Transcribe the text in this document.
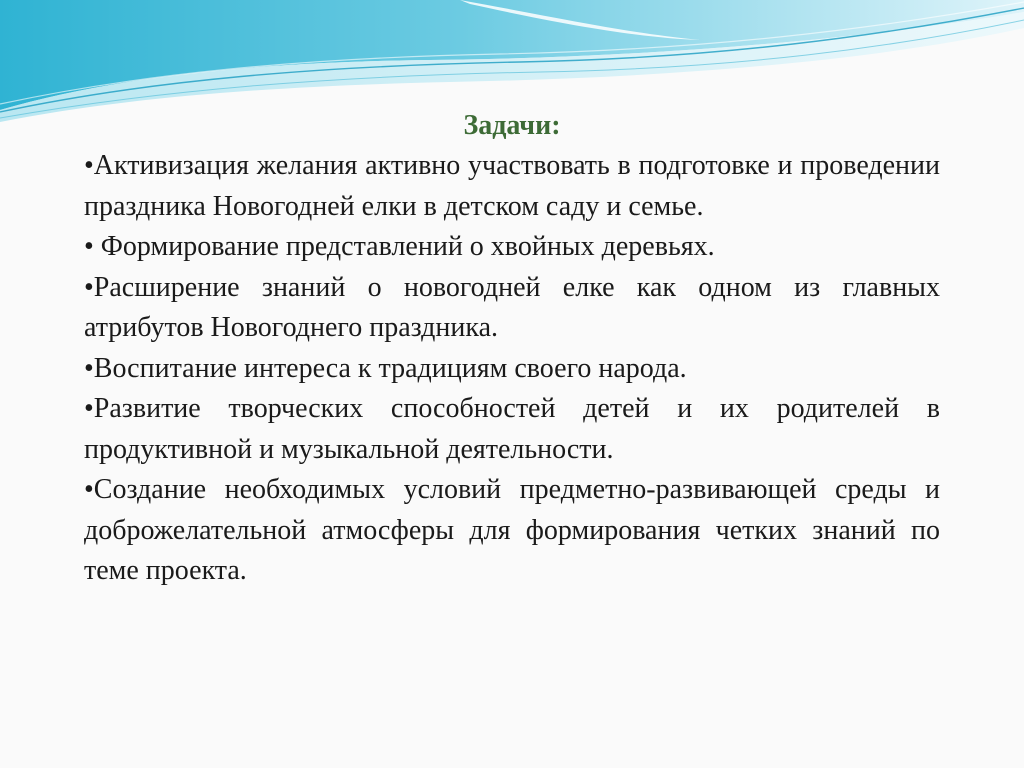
Задачи:

•Активизация желания активно участвовать в подготовке и проведении праздника Новогодней елки в детском саду и семье.

• Формирование представлений о хвойных деревьях.

•Расширение знаний о новогодней елке как одном из главных атрибутов Новогоднего праздника.

•Воспитание интереса к традициям своего народа.

•Развитие творческих способностей детей и их родителей в продуктивной и музыкальной деятельности.

•Создание необходимых условий предметно-развивающей среды и доброжелательной атмосферы для формирования четких знаний по теме проекта.
